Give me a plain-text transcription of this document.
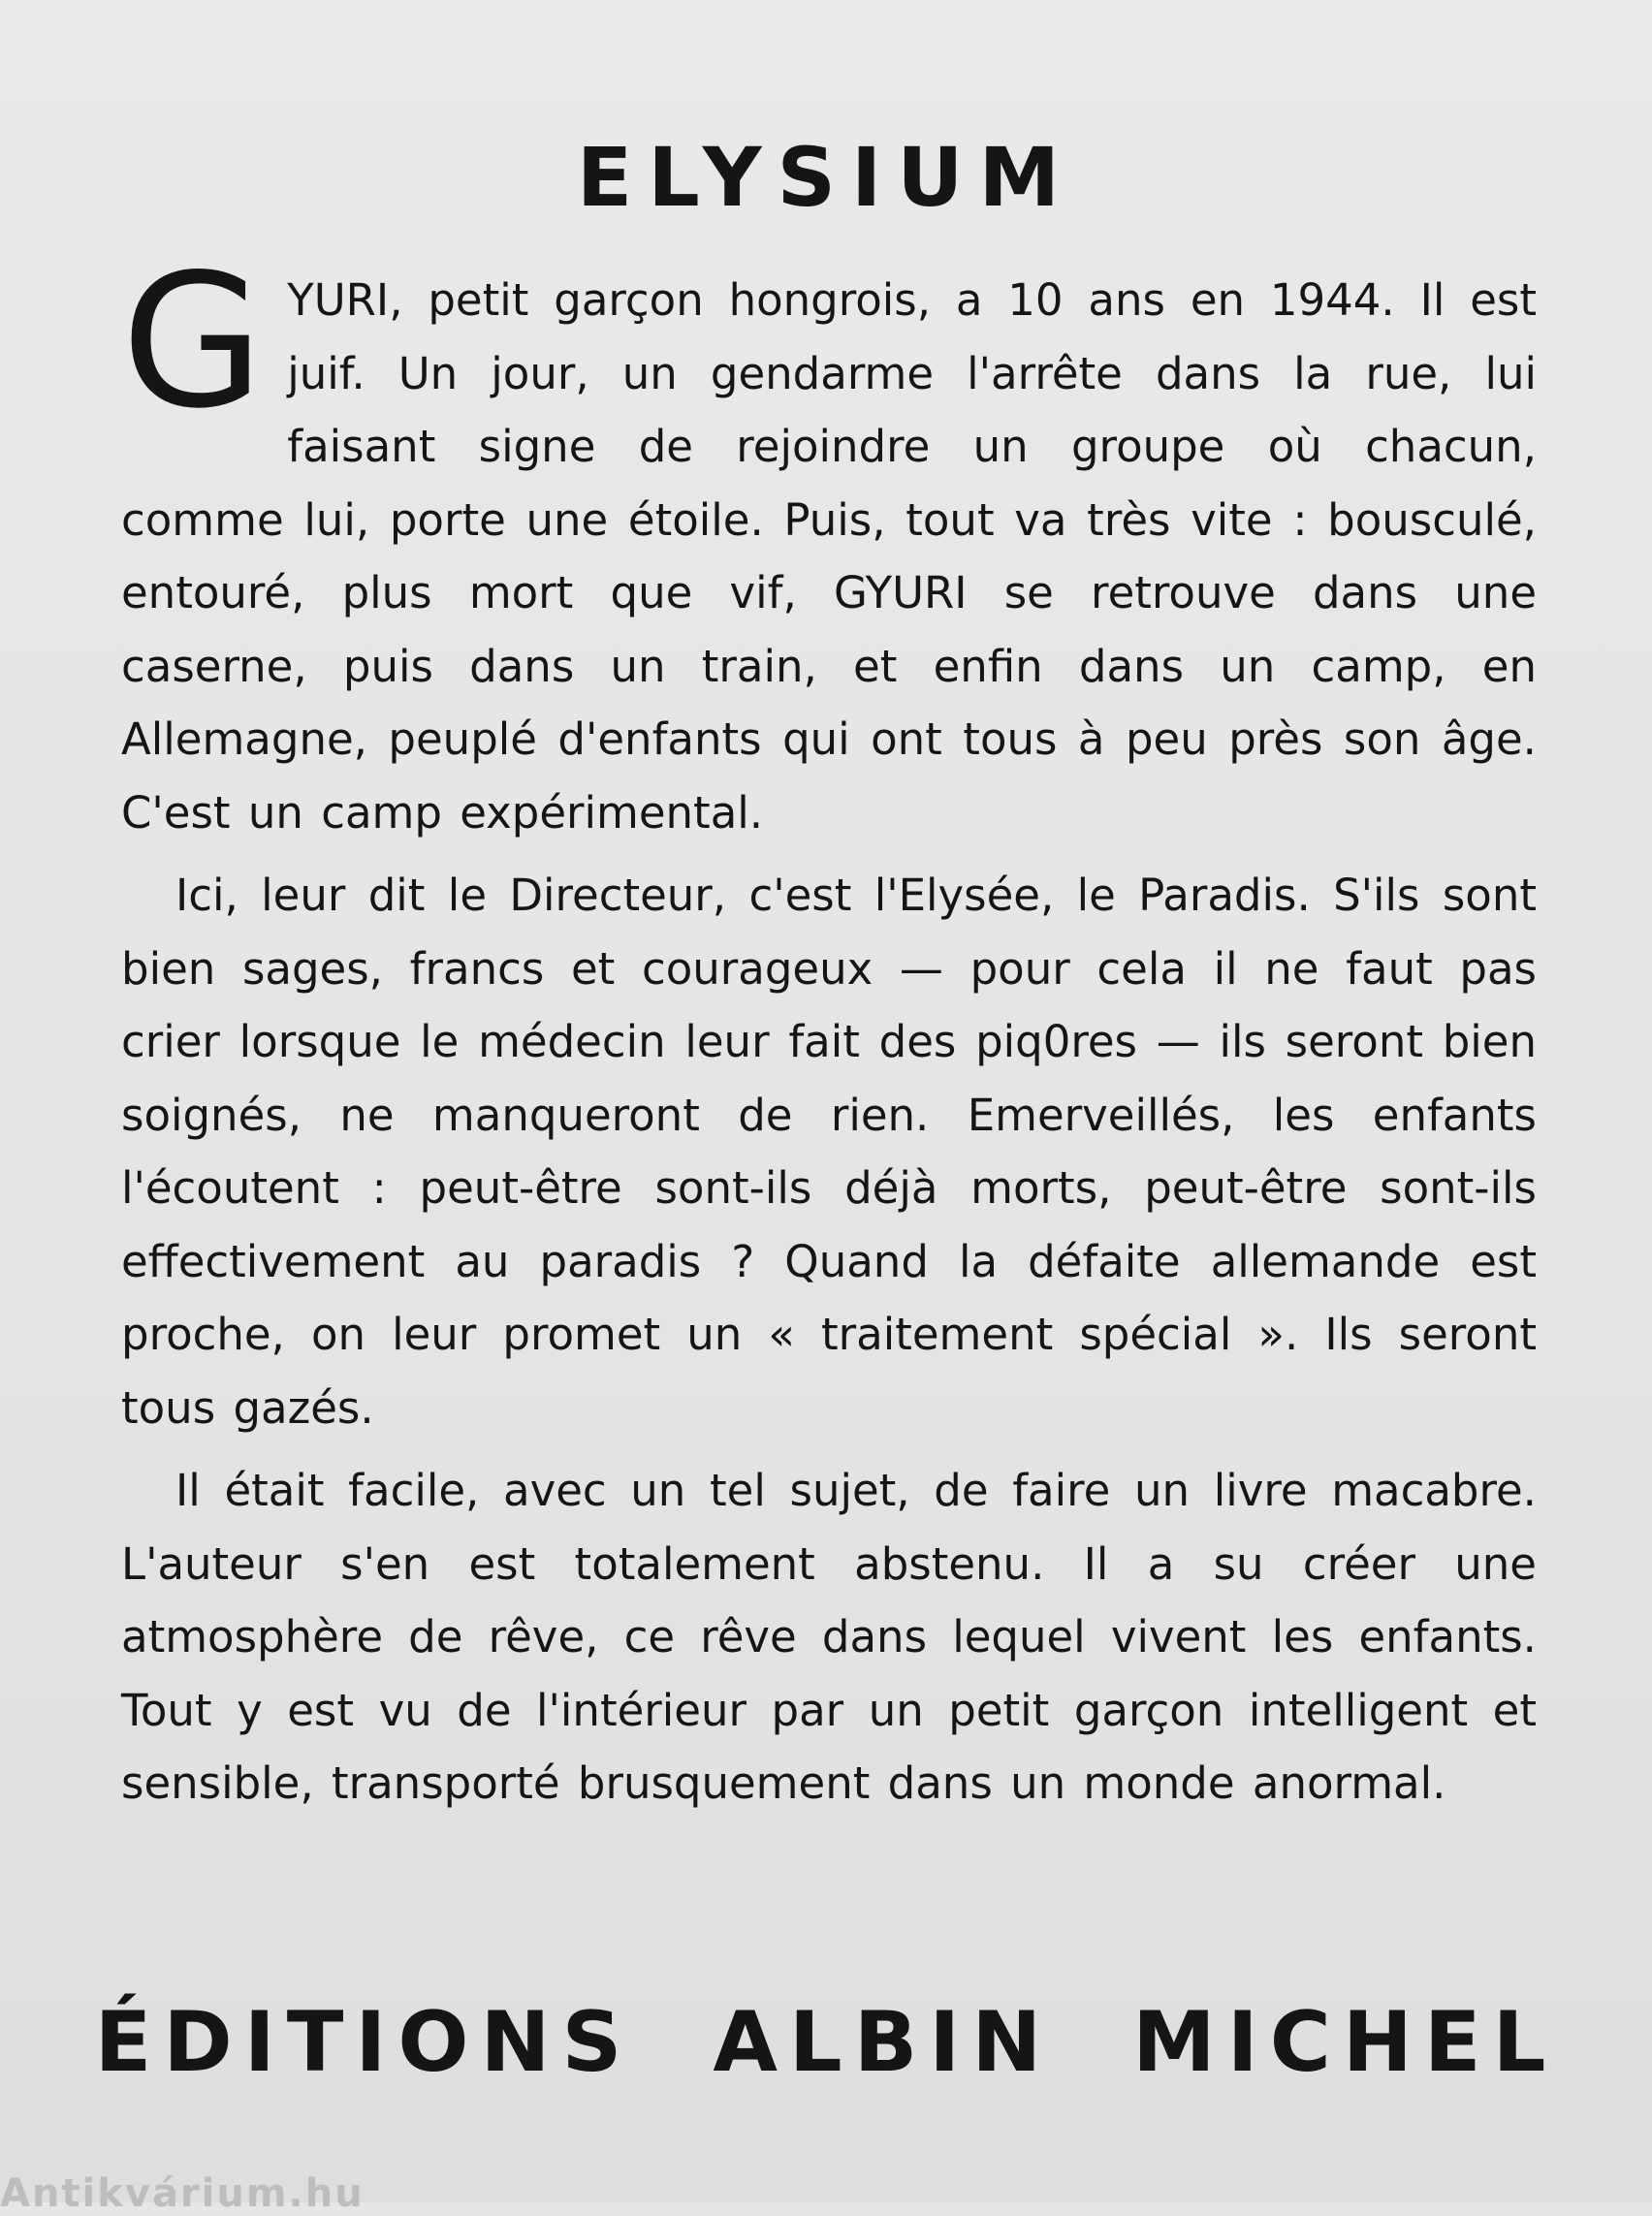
ELYSIUM

G YURI, petit garçon hongrois, a 10 ans en 1944. Il est juif. Un jour, un gendarme l'arrête dans la rue, lui faisant signe de rejoindre un groupe où chacun, comme lui, porte une étoile. Puis, tout va très vite : bousculé, entouré, plus mort que vif, GYURI se retrouve dans une caserne, puis dans un train, et enfin dans un camp, en Allemagne, peuplé d'enfants qui ont tous à peu près son âge. C'est un camp expérimental.

Ici, leur dit le Directeur, c'est l'Elysée, le Paradis. S'ils sont bien sages, francs et courageux — pour cela il ne faut pas crier lorsque le médecin leur fait des piq0res — ils seront bien soignés, ne manqueront de rien. Emerveillés, les enfants l'écoutent : peut-être sont-ils déjà morts, peut-être sont-ils effectivement au paradis ? Quand la défaite allemande est proche, on leur promet un « traitement spécial ». Ils seront tous gazés.

Il était facile, avec un tel sujet, de faire un livre macabre. L'auteur s'en est totalement abstenu. Il a su créer une atmosphère de rêve, ce rêve dans lequel vivent les enfants. Tout y est vu de l'intérieur par un petit garçon intelligent et sensible, transporté brusquement dans un monde anormal.

ÉDITIONS ALBIN MICHEL
Antikvárium.hu
